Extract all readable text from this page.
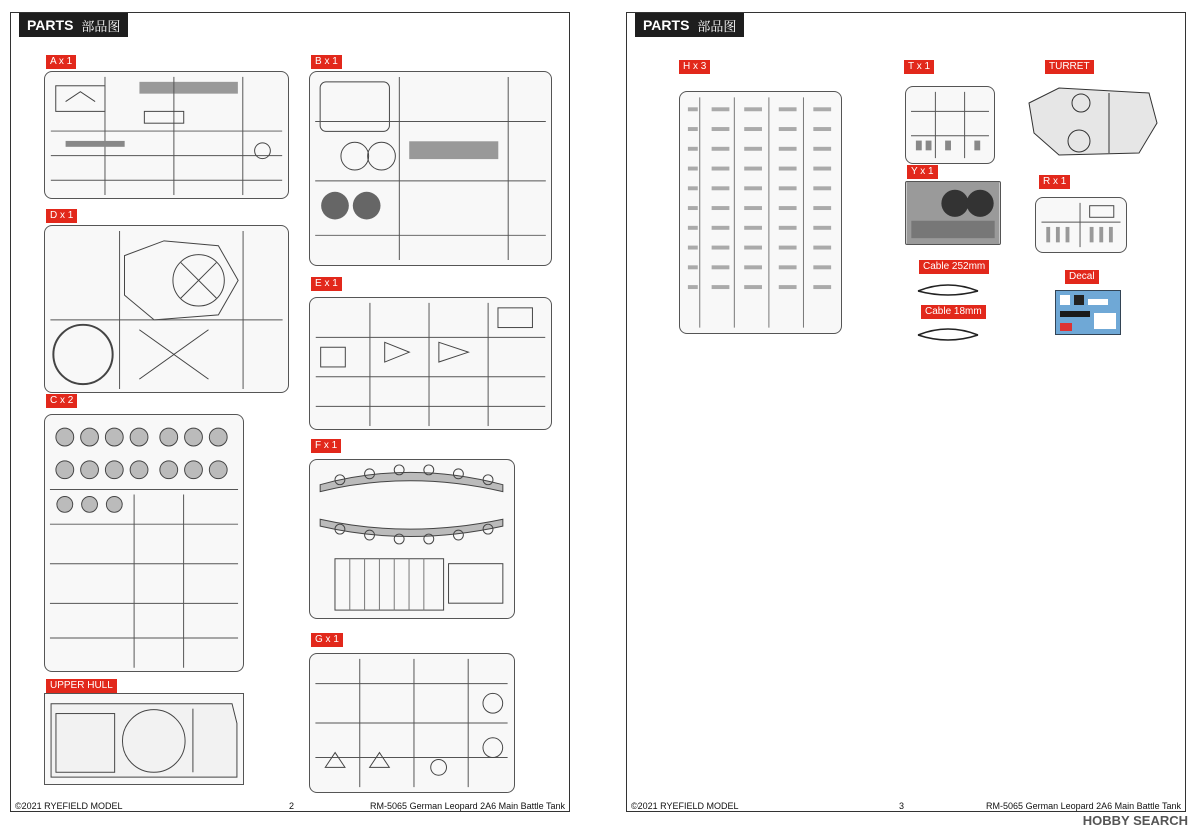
PARTS 部品图
A x 1	B x 1
D x 1
E x 1
C x 2
UPPER HULL
F x 1
G x 1
©2021 RYEFIELD MODEL	2	RM-5065 German Leopard 2A6 Main Battle Tank
PARTS 部品图
H x 3	T x 1	TURRET
Y x 1
R x 1
Cable 252mm
Cable 18mm
Decal
©2021 RYEFIELD MODEL	3	RM-5065 German Leopard 2A6 Main Battle Tank
HOBBY SEARCH
